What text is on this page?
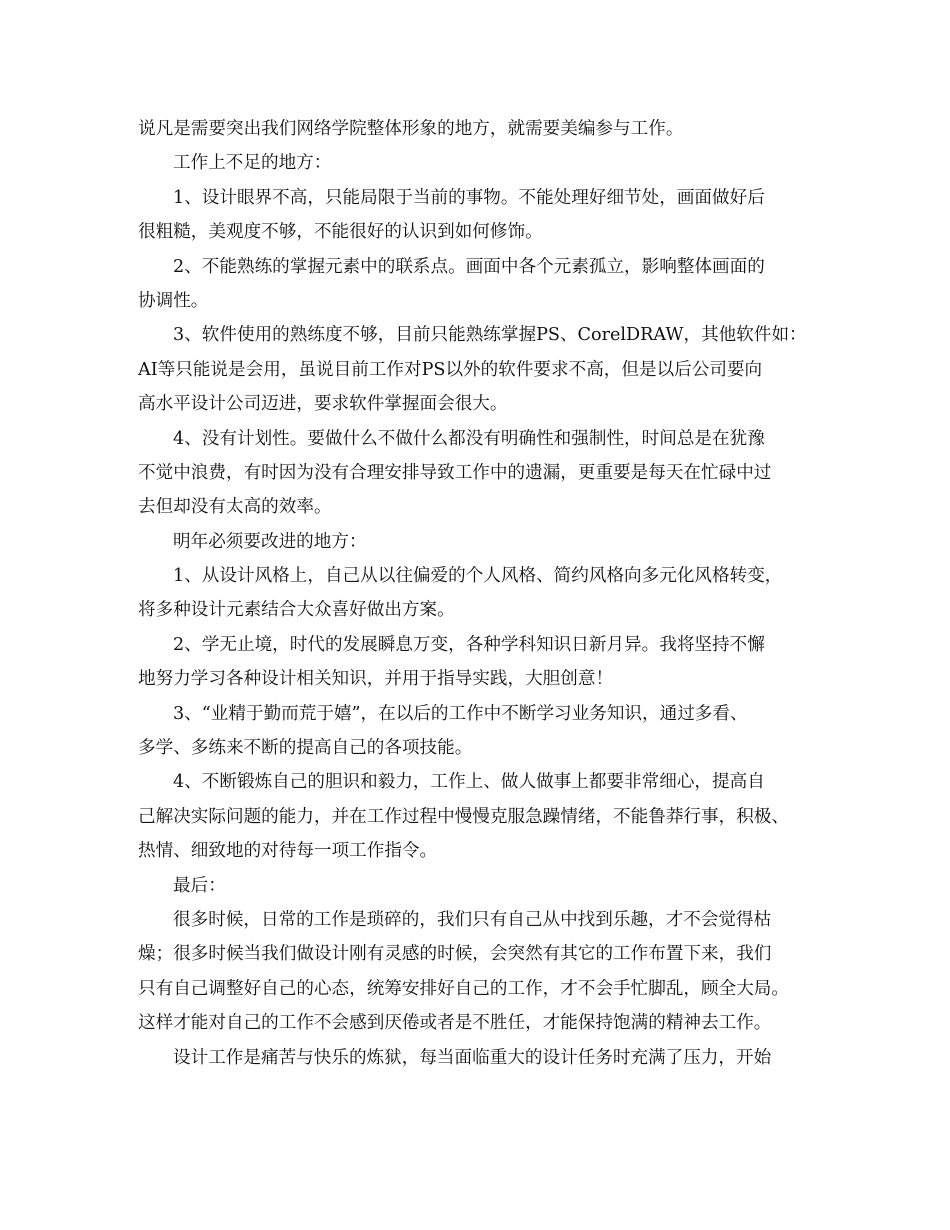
说凡是需要突出我们网络学院整体形象的地方，就需要美编参与工作。
工作上不足的地方：
1、设计眼界不高，只能局限于当前的事物。不能处理好细节处，画面做好后
很粗糙，美观度不够，不能很好的认识到如何修饰。
2、不能熟练的掌握元素中的联系点。画面中各个元素孤立，影响整体画面的
协调性。
3、软件使用的熟练度不够，目前只能熟练掌握PS、CorelDRAW，其他软件如：
AI等只能说是会用，虽说目前工作对PS以外的软件要求不高，但是以后公司要向
高水平设计公司迈进，要求软件掌握面会很大。
4、没有计划性。要做什么不做什么都没有明确性和强制性，时间总是在犹豫
不觉中浪费，有时因为没有合理安排导致工作中的遗漏，更重要是每天在忙碌中过
去但却没有太高的效率。
明年必须要改进的地方：
1、从设计风格上，自己从以往偏爱的个人风格、简约风格向多元化风格转变，
将多种设计元素结合大众喜好做出方案。
2、学无止境，时代的发展瞬息万变，各种学科知识日新月异。我将坚持不懈
地努力学习各种设计相关知识，并用于指导实践，大胆创意！
3、“业精于勤而荒于嬉”，在以后的工作中不断学习业务知识，通过多看、
多学、多练来不断的提高自己的各项技能。
4、不断锻炼自己的胆识和毅力，工作上、做人做事上都要非常细心，提高自
己解决实际问题的能力，并在工作过程中慢慢克服急躁情绪，不能鲁莽行事，积极、
热情、细致地的对待每一项工作指令。
最后：
很多时候，日常的工作是琐碎的，我们只有自己从中找到乐趣，才不会觉得枯
燥；很多时候当我们做设计刚有灵感的时候，会突然有其它的工作布置下来，我们
只有自己调整好自己的心态，统筹安排好自己的工作，才不会手忙脚乱，顾全大局。
这样才能对自己的工作不会感到厌倦或者是不胜任，才能保持饱满的精神去工作。
设计工作是痛苦与快乐的炼狱，每当面临重大的设计任务时充满了压力，开始
